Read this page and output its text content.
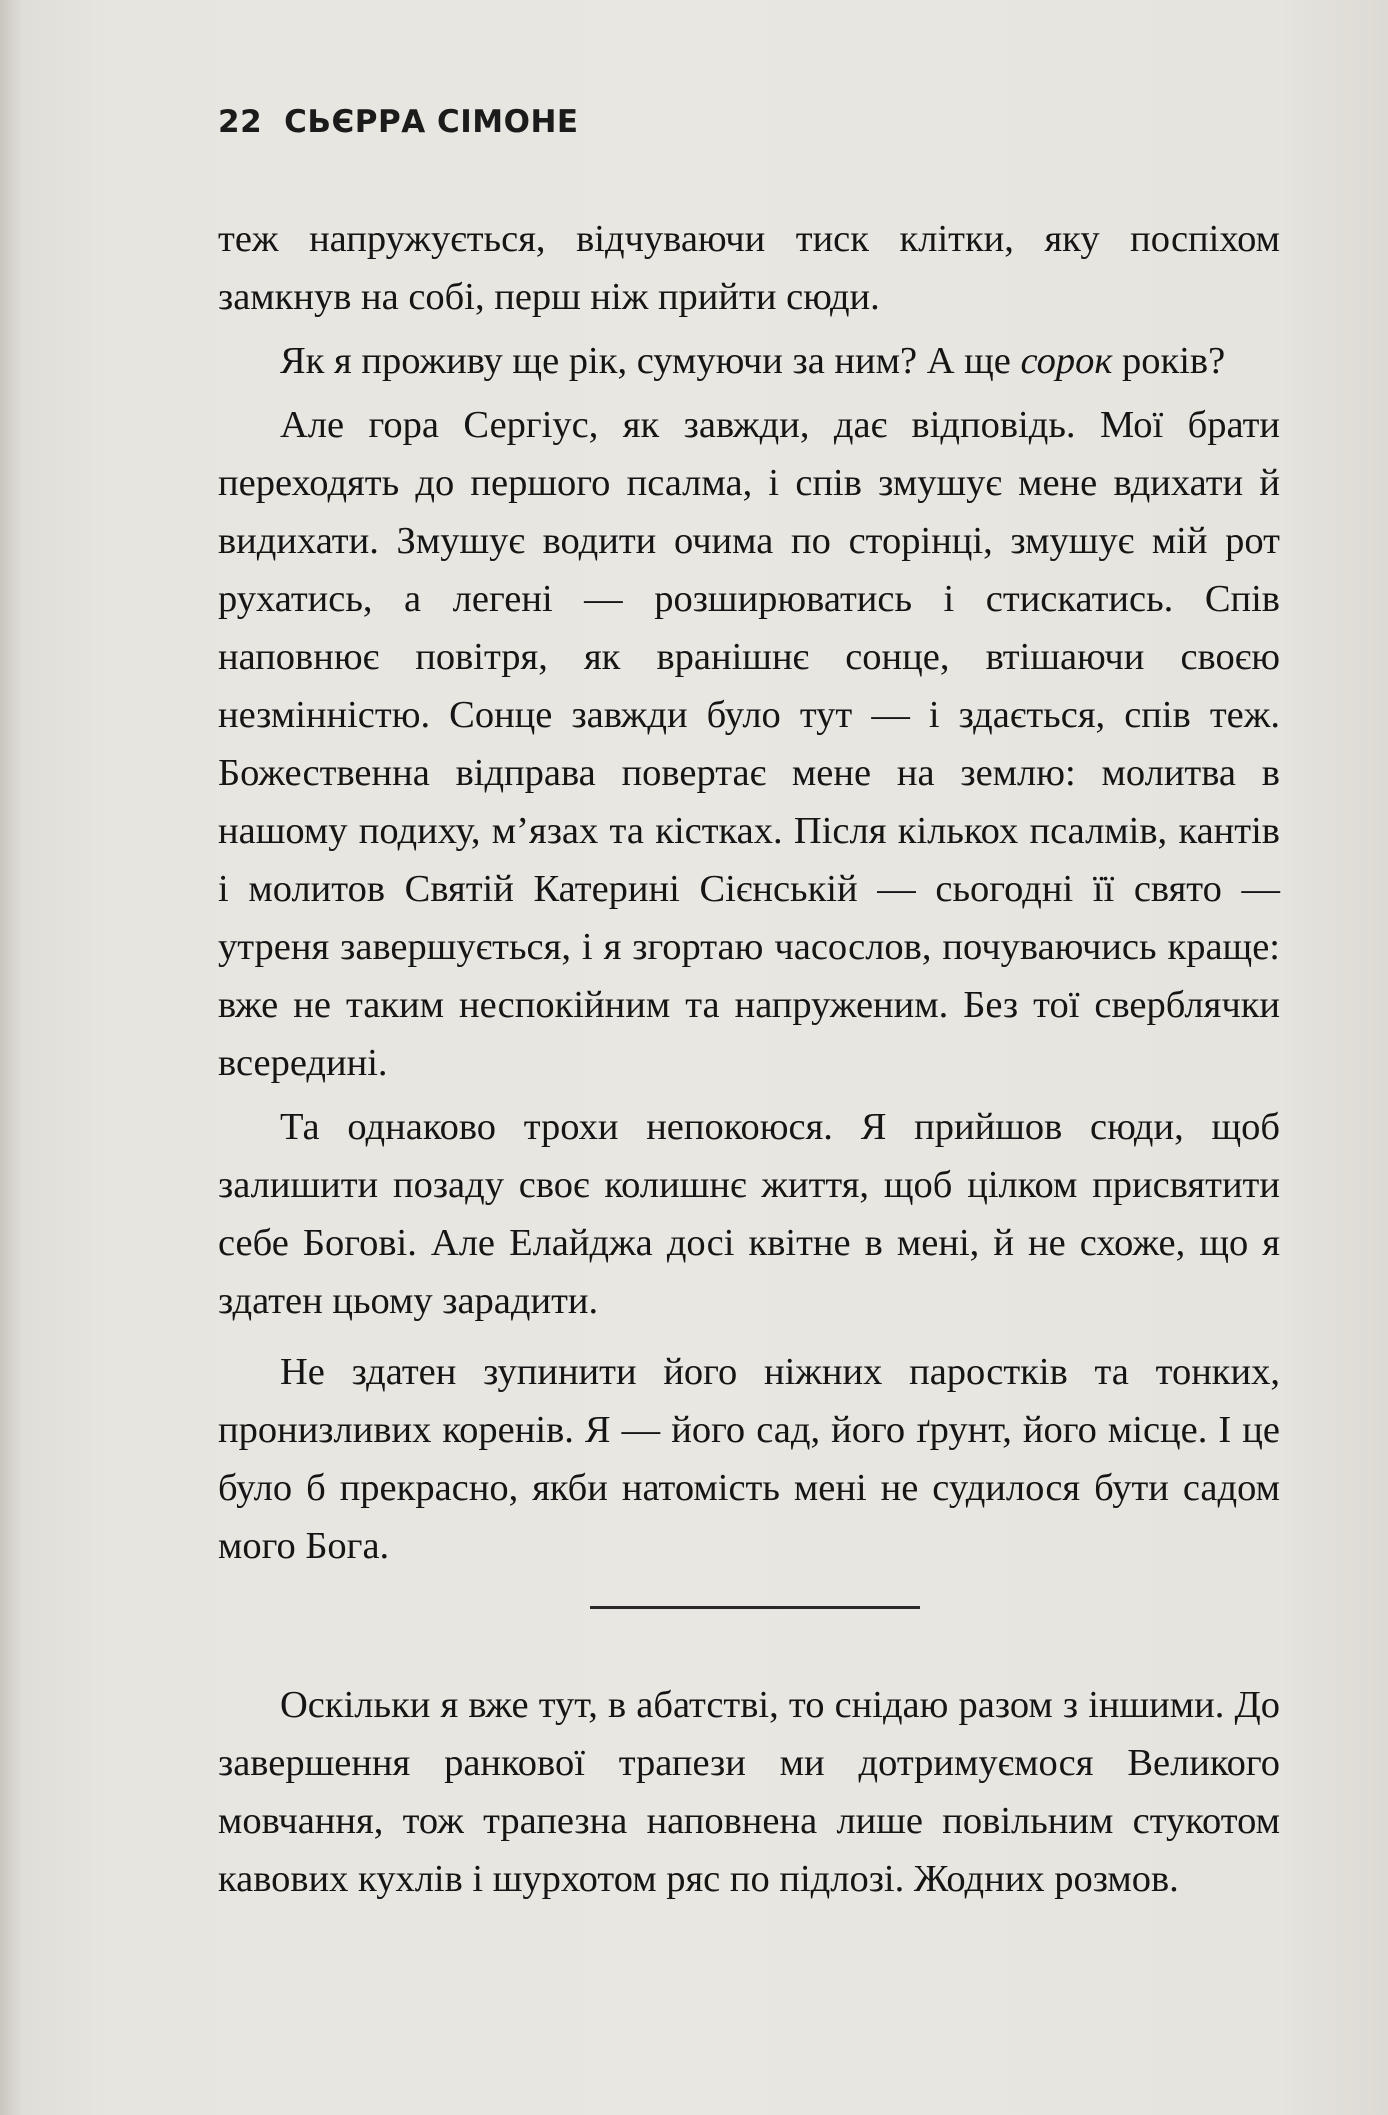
22 СЬЄРРА СІМОНЕ

теж напружується, відчуваючи тиск клітки, яку поспіхом замкнув на собі, перш ніж прийти сюди.

Як я проживу ще рік, сумуючи за ним? А ще сорок років?

Але гора Сергіус, як завжди, дає відповідь. Мої брати переходять до першого псалма, і спів змушує мене вдихати й видихати. Змушує водити очима по сторінці, змушує мій рот рухатись, а легені — розширюватись і стискатись. Спів наповнює повітря, як вранішнє сонце, втішаючи своєю незмінністю. Сонце завжди було тут — і здається, спів теж. Божественна відправа повертає мене на землю: молитва в нашому подиху, м’язах та кістках. Після кількох псалмів, кантів і молитов Святій Катерині Сієнській — сьогодні її свято — утреня завершується, і я згортаю часослов, почуваючись краще: вже не таким неспокійним та напруженим. Без тої сверблячки всередині.

Та однаково трохи непокоюся. Я прийшов сюди, щоб залишити позаду своє колишнє життя, щоб цілком присвятити себе Богові. Але Елайджа досі квітне в мені, й не схоже, що я здатен цьому зарадити.

Не здатен зупинити його ніжних паростків та тонких, пронизливих коренів. Я — його сад, його ґрунт, його місце. І це було б прекрасно, якби натомість мені не судилося бути садом мого Бога.

Оскільки я вже тут, в абатстві, то снідаю разом з іншими. До завершення ранкової трапези ми дотримуємося Великого мовчання, тож трапезна наповнена лише повільним стукотом кавових кухлів і шурхотом ряс по підлозі. Жодних розмов.
